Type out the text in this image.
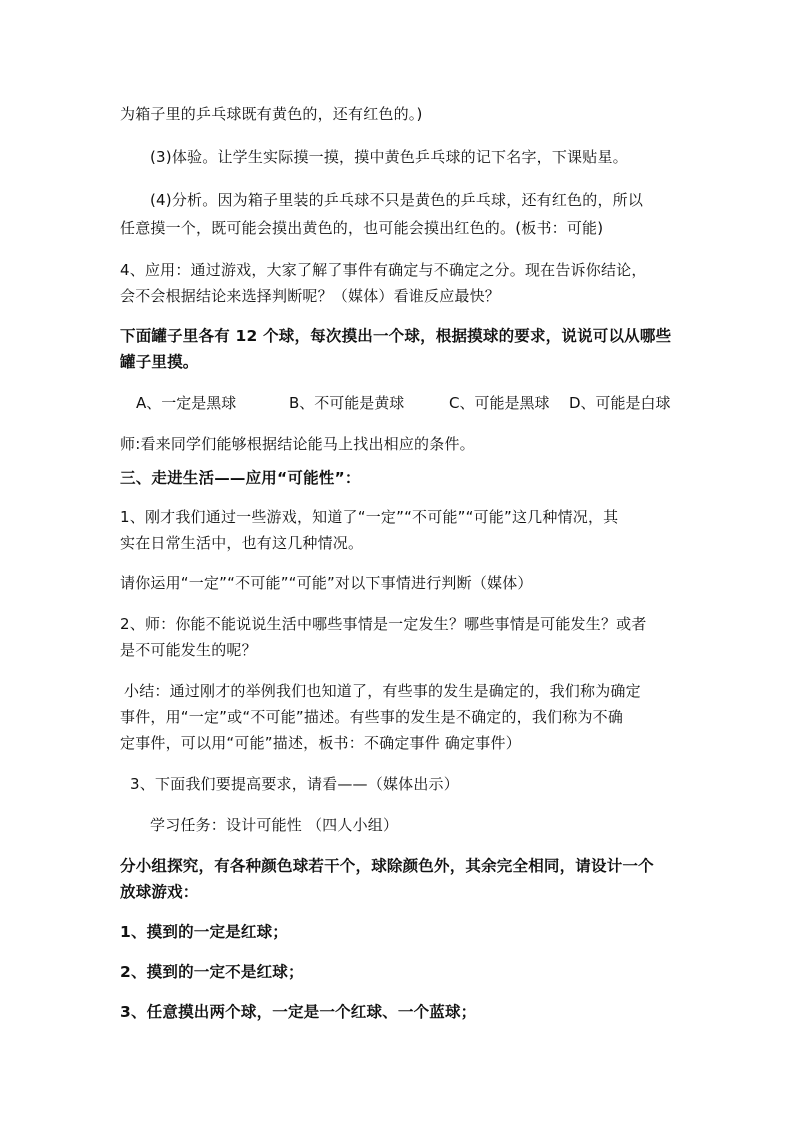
为箱子里的乒乓球既有黄色的，还有红色的。)
(3)体验。让学生实际摸一摸，摸中黄色乒乓球的记下名字，下课贴星。
(4)分析。因为箱子里装的乒乓球不只是黄色的乒乓球，还有红色的，所以
任意摸一个，既可能会摸出黄色的，也可能会摸出红色的。(板书：可能)
4、应用：通过游戏，大家了解了事件有确定与不确定之分。现在告诉你结论，
会不会根据结论来选择判断呢？（媒体）看谁反应最快？
下面罐子里各有 12 个球，每次摸出一个球，根据摸球的要求，说说可以从哪些
罐子里摸。
A、一定是黑球	B、不可能是黄球	C、可能是黑球 D、可能是白球
师:看来同学们能够根据结论能马上找出相应的条件。
三、走进生活——应用“可能性”：
1、刚才我们通过一些游戏，知道了“一定”“不可能”“可能”这几种情况，其
实在日常生活中，也有这几种情况。
请你运用“一定”“不可能”“可能”对以下事情进行判断（媒体）
2、师：你能不能说说生活中哪些事情是一定发生？哪些事情是可能发生？或者
是不可能发生的呢？
小结：通过刚才的举例我们也知道了，有些事的发生是确定的，我们称为确定
事件，用“一定”或“不可能”描述。有些事的发生是不确定的，我们称为不确
定事件，可以用“可能”描述，板书：不确定事件 确定事件）
3、下面我们要提高要求，请看——（媒体出示）
学习任务：设计可能性 （四人小组）
分小组探究，有各种颜色球若干个，球除颜色外，其余完全相同，请设计一个
放球游戏：
1、摸到的一定是红球；
2、摸到的一定不是红球；
3、任意摸出两个球，一定是一个红球、一个蓝球；
